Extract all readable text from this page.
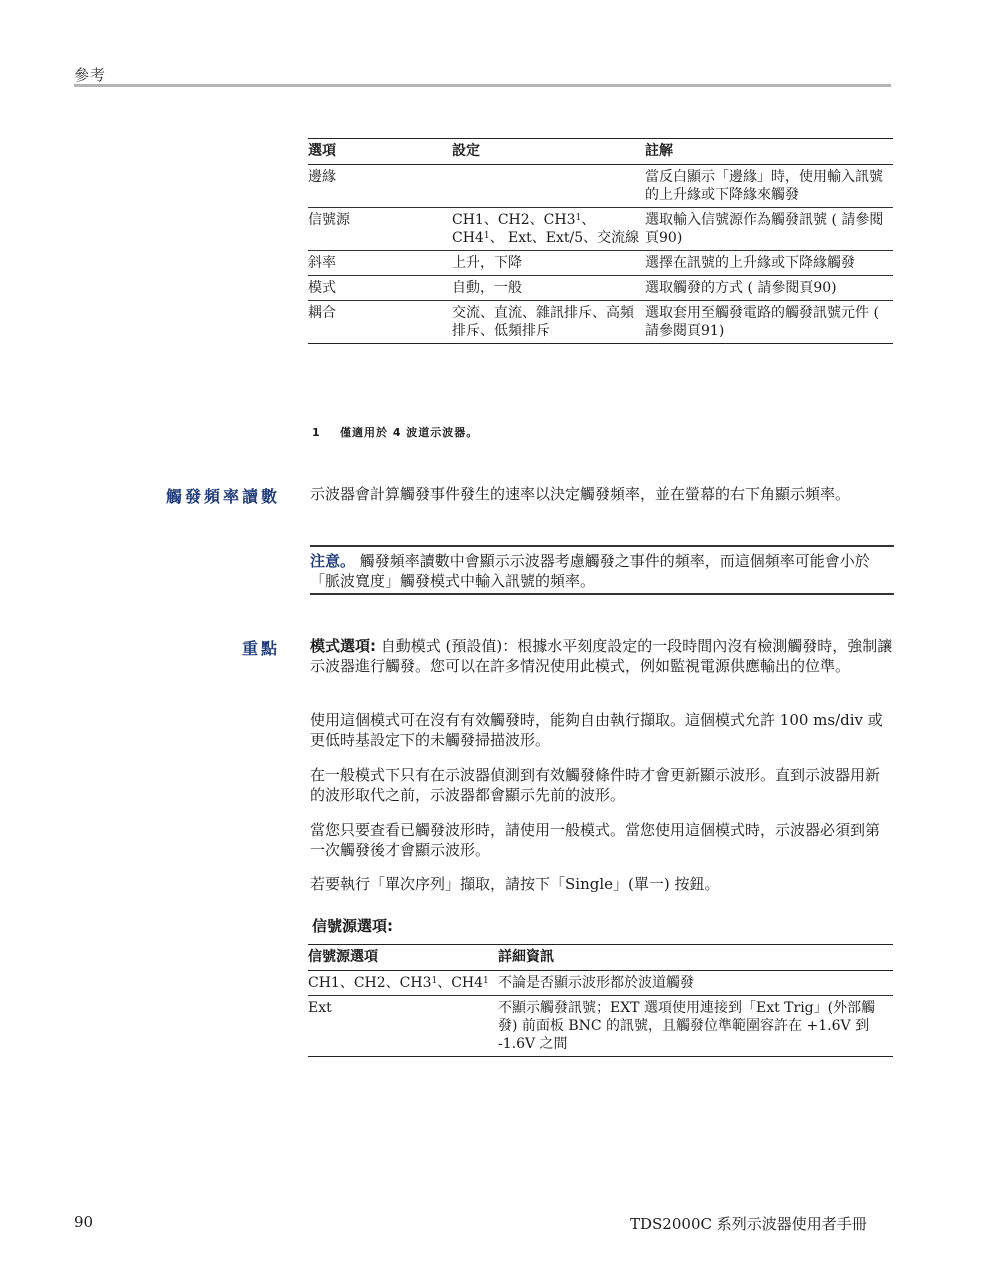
參考
選項	設定	註解
邊緣		當反白顯示「邊緣」時，使用輸入訊號的上升緣或下降緣來觸發
信號源	CH1、CH2、$CH3^1$、$CH4^1$、 Ext、Ext/5、交流線	選取輸入信號源作為觸發訊號 ( 請參閱頁90)
斜率	上升，下降	選擇在訊號的上升緣或下降緣觸發
模式	自動，一般	選取觸發的方式 ( 請參閱頁90)
耦合	交流、直流、雜訊排斥、高頻排斥、低頻排斥	選取套用至觸發電路的觸發訊號元件 ( 請參閱頁91)
1 僅適用於 4 波道示波器。
觸發頻率讀數 示波器會計算觸發事件發生的速率以決定觸發頻率，並在螢幕的右下角顯示頻率。
注意。 觸發頻率讀數中會顯示示波器考慮觸發之事件的頻率，而這個頻率可能會小於「脈波寬度」觸發模式中輸入訊號的頻率。
重點 模式選項: 自動模式 (預設值)：根據水平刻度設定的一段時間內沒有檢測觸發時，強制讓示波器進行觸發。您可以在許多情況使用此模式，例如監視電源供應輸出的位準。
使用這個模式可在沒有有效觸發時，能夠自由執行擷取。這個模式允許 100 ms/div 或更低時基設定下的未觸發掃描波形。
在一般模式下只有在示波器偵測到有效觸發條件時才會更新顯示波形。直到示波器用新的波形取代之前，示波器都會顯示先前的波形。
當您只要查看已觸發波形時，請使用一般模式。當您使用這個模式時，示波器必須到第一次觸發後才會顯示波形。
若要執行「單次序列」擷取，請按下「Single」(單一) 按鈕。
信號源選項:
信號源選項	詳細資訊
CH1、CH2、$CH3^1$、$CH4^1$	不論是否顯示波形都於波道觸發
Ext	不顯示觸發訊號；EXT 選項使用連接到「Ext Trig」(外部觸發) 前面板 BNC 的訊號，且觸發位準範圍容許在 +1.6V 到 -1.6V 之間
90	TDS2000C 系列示波器使用者手冊
